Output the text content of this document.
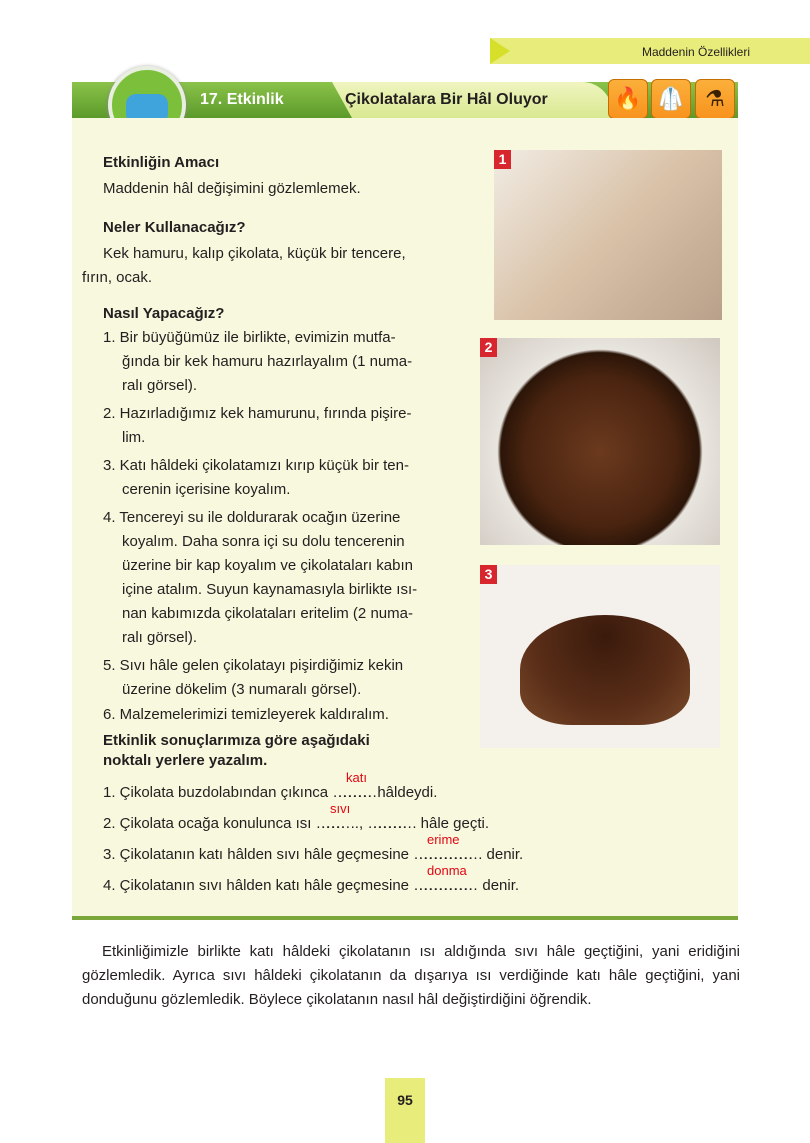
Maddenin Özellikleri
17. Etkinlik	Çikolatalara Bir Hâl Oluyor	🔥 🥼 ⚗
Etkinliğin Amacı
Maddenin hâl değişimini gözlemlemek.
Neler Kullanacağız?
Kek hamuru, kalıp çikolata, küçük bir tencere,
fırın, ocak.
Nasıl Yapacağız?
1. Bir büyüğümüz ile birlikte, evimizin mutfa-
ğında bir kek hamuru hazırlayalım (1 numa-
ralı görsel).
2. Hazırladığımız kek hamurunu, fırında pişire-
lim.
3. Katı hâldeki çikolatamızı kırıp küçük bir ten-
cerenin içerisine koyalım.
4. Tencereyi su ile doldurarak ocağın üzerine
koyalım. Daha sonra içi su dolu tencerenin
üzerine bir kap koyalım ve çikolataları kabın
içine atalım. Suyun kaynamasıyla birlikte ısı-
nan kabımızda çikolataları eritelim (2 numa-
ralı görsel).
5. Sıvı hâle gelen çikolatayı pişirdiğimiz kekin
üzerine dökelim (3 numaralı görsel).
6. Malzemelerimizi temizleyerek kaldıralım.
1
2
3
Etkinlik sonuçlarımıza göre aşağıdaki
noktalı yerlere yazalım.
katı
1. Çikolata buzdolabından çıkınca …………………hâldeydi.
sıvı
2. Çikolata ocağa konulunca ısı …………….., …………………. hâle geçti.
erime
3. Çikolatanın katı hâlden sıvı hâle geçmesine ……………………………. denir.
donma
4. Çikolatanın sıvı hâlden katı hâle geçmesine …………………………… denir.
Etkinliğimizle birlikte katı hâldeki çikolatanın ısı aldığında sıvı hâle geçtiğini, yani eridiğini gözlemledik. Ayrıca sıvı hâldeki çikolatanın da dışarıya ısı verdiğinde katı hâle geçtiğini, yani donduğunu gözlemledik. Böylece çikolatanın nasıl hâl değiştirdiğini öğrendik.
95
